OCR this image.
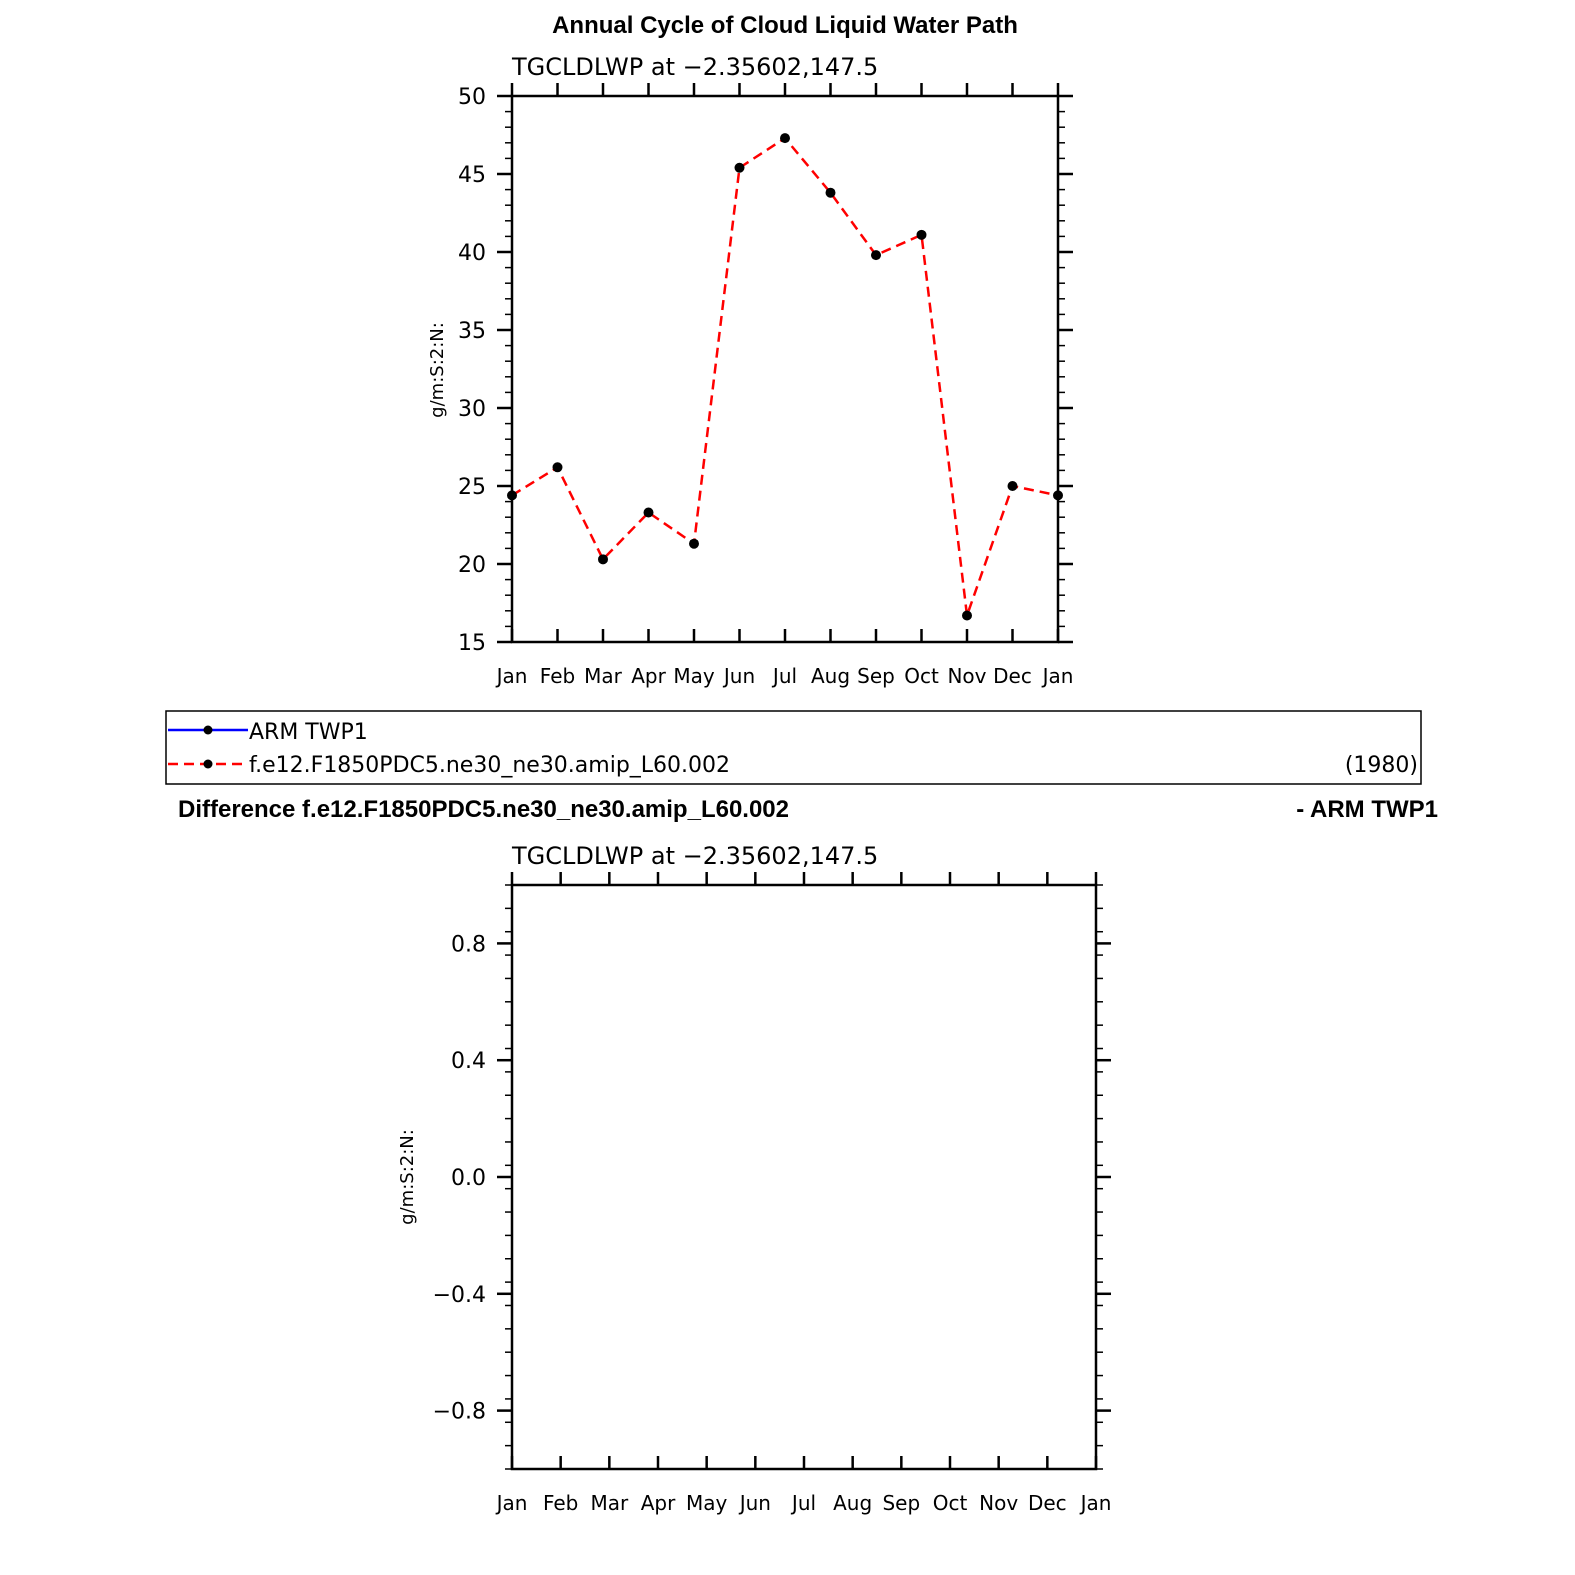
Annual Cycle of Cloud Liquid Water Path
TGCLDLWP at −2.35602,147.5
Jan Feb Mar Apr May Jun Jul Aug Sep Oct Nov Dec Jan
15
20
25
30
35
40
45
50
g/m:S:2:N:
ARM TWP1
f.e12.F1850PDC5.ne30_ne30.amip_L60.002	(1980)
Difference f.e12.F1850PDC5.ne30_ne30.amip_L60.002	- ARM TWP1
TGCLDLWP at −2.35602,147.5
Jan Feb Mar Apr May Jun Jul Aug Sep Oct Nov Dec Jan
−0.8
−0.4
0.0
0.4
0.8
g/m:S:2:N:
